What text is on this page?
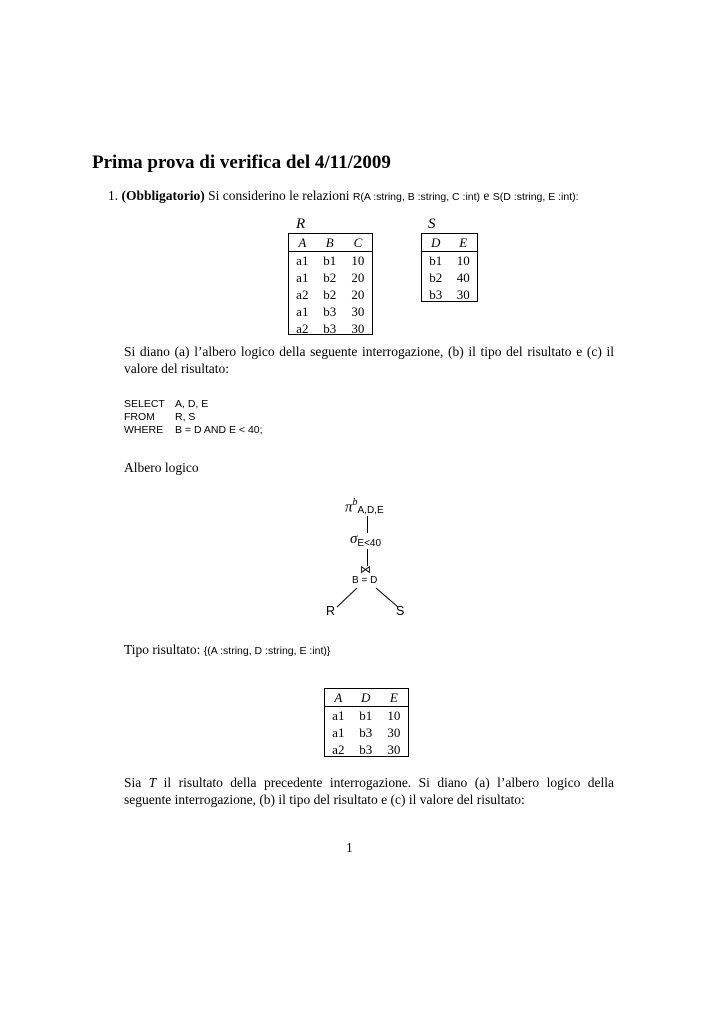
Prima prova di verifica del 4/11/2009
1. (Obbligatorio) Si considerino le relazioni R(A :string, B :string, C :int) e S(D :string, E :int):
R
A	B	C
a1	b1	10
a1	b2	20
a2	b2	20
a1	b3	30
a2	b3	30
S
D	E
b1	10
b2	40
b3	30
Si diano (a) l’albero logico della seguente interrogazione, (b) il tipo del risultato e (c) il valore del risultato:
SELECT A, D, E
FROM R, S
WHERE B = D AND E < 40;
Albero logico
$\pi^bA,D,E$
σE<40
⋈
B = D
R	S
Tipo risultato: {(A :string, D :string, E :int)}
A	D	E
a1	b1	10
a1	b3	30
a2	b3	30
Sia T il risultato della precedente interrogazione. Si diano (a) l’albero logico della seguente interrogazione, (b) il tipo del risultato e (c) il valore del risultato:
1
